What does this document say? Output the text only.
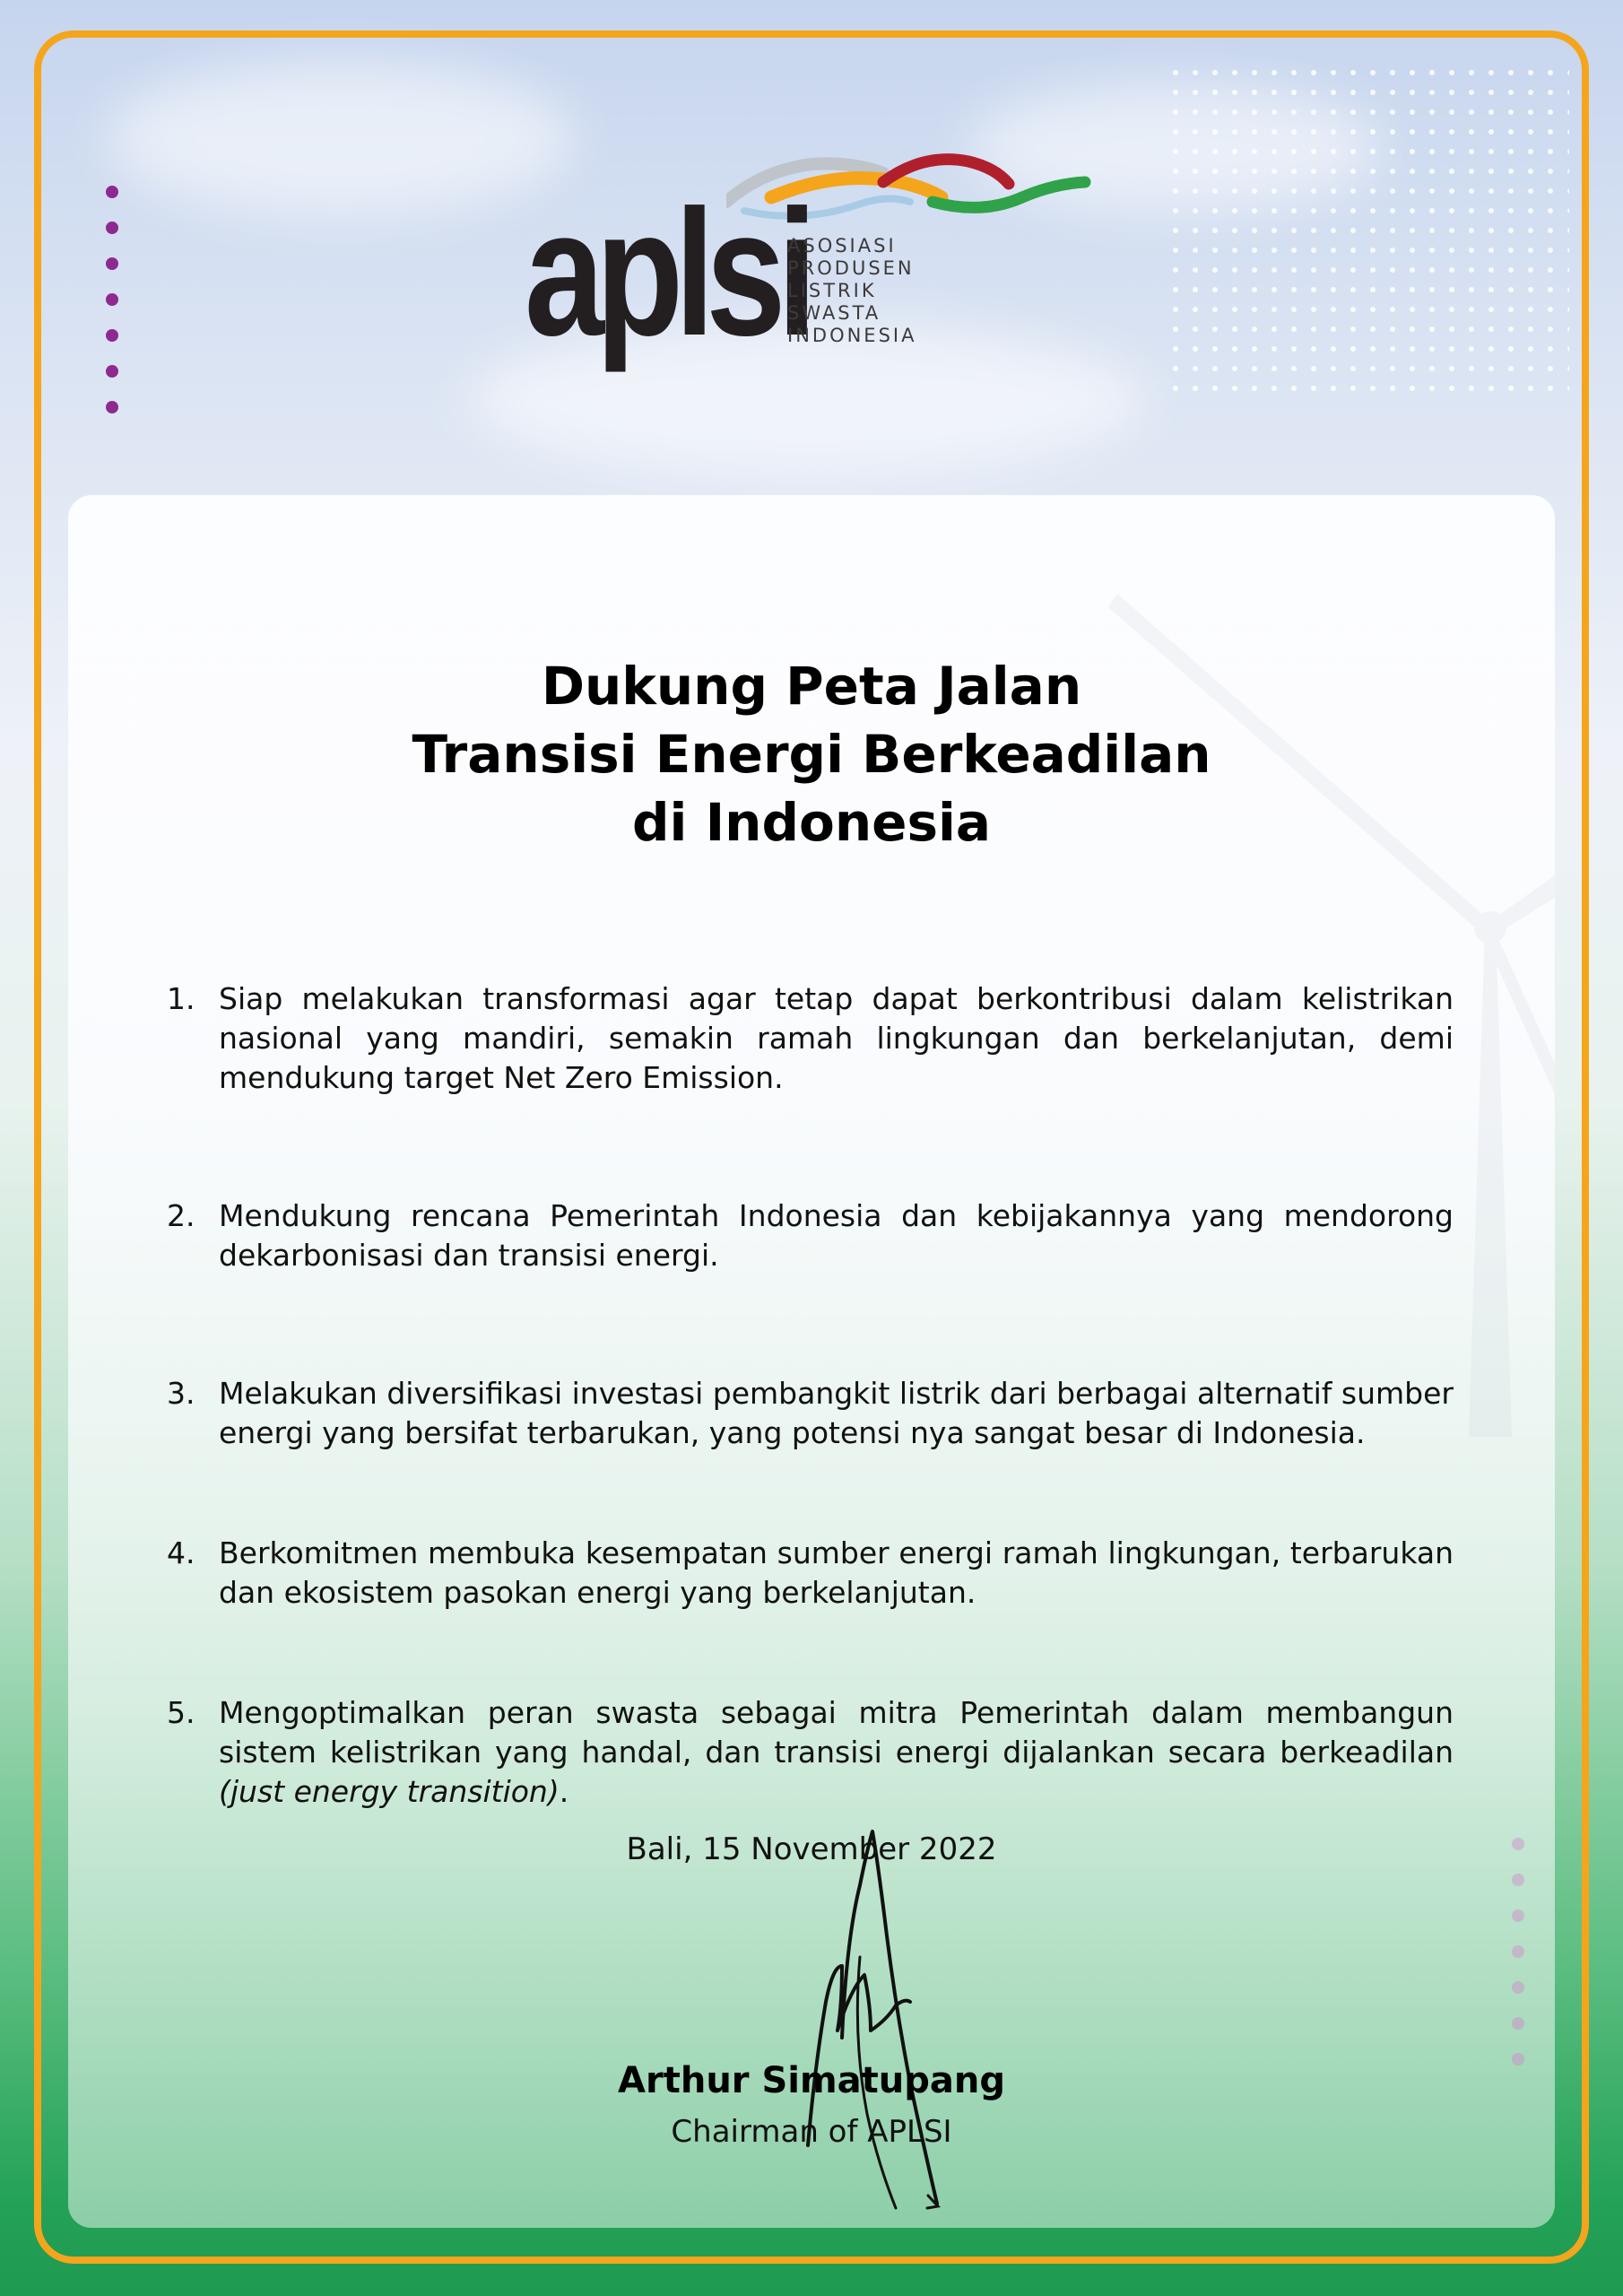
aplsi
ASOSIASI
PRODUSEN
LISTRIK
SWASTA
INDONESIA
Dukung Peta Jalan
Transisi Energi Berkeadilan
di Indonesia
1. Siap melakukan transformasi agar tetap dapat berkontribusi dalam kelistrikan nasional yang mandiri, semakin ramah lingkungan dan berkelanjutan, demi mendukung target Net Zero Emission.
2. Mendukung rencana Pemerintah Indonesia dan kebijakannya yang mendorong dekarbonisasi dan transisi energi.
3. Melakukan diversifikasi investasi pembangkit listrik dari berbagai alternatif sumber energi yang bersifat terbarukan, yang potensi nya sangat besar di Indonesia.
4. Berkomitmen membuka kesempatan sumber energi ramah lingkungan, terbarukan dan ekosistem pasokan energi yang berkelanjutan.
5. Mengoptimalkan peran swasta sebagai mitra Pemerintah dalam membangun sistem kelistrikan yang handal, dan transisi energi dijalankan secara berkeadilan (just energy transition).
Bali, 15 November 2022
Arthur Simatupang
Chairman of APLSI
